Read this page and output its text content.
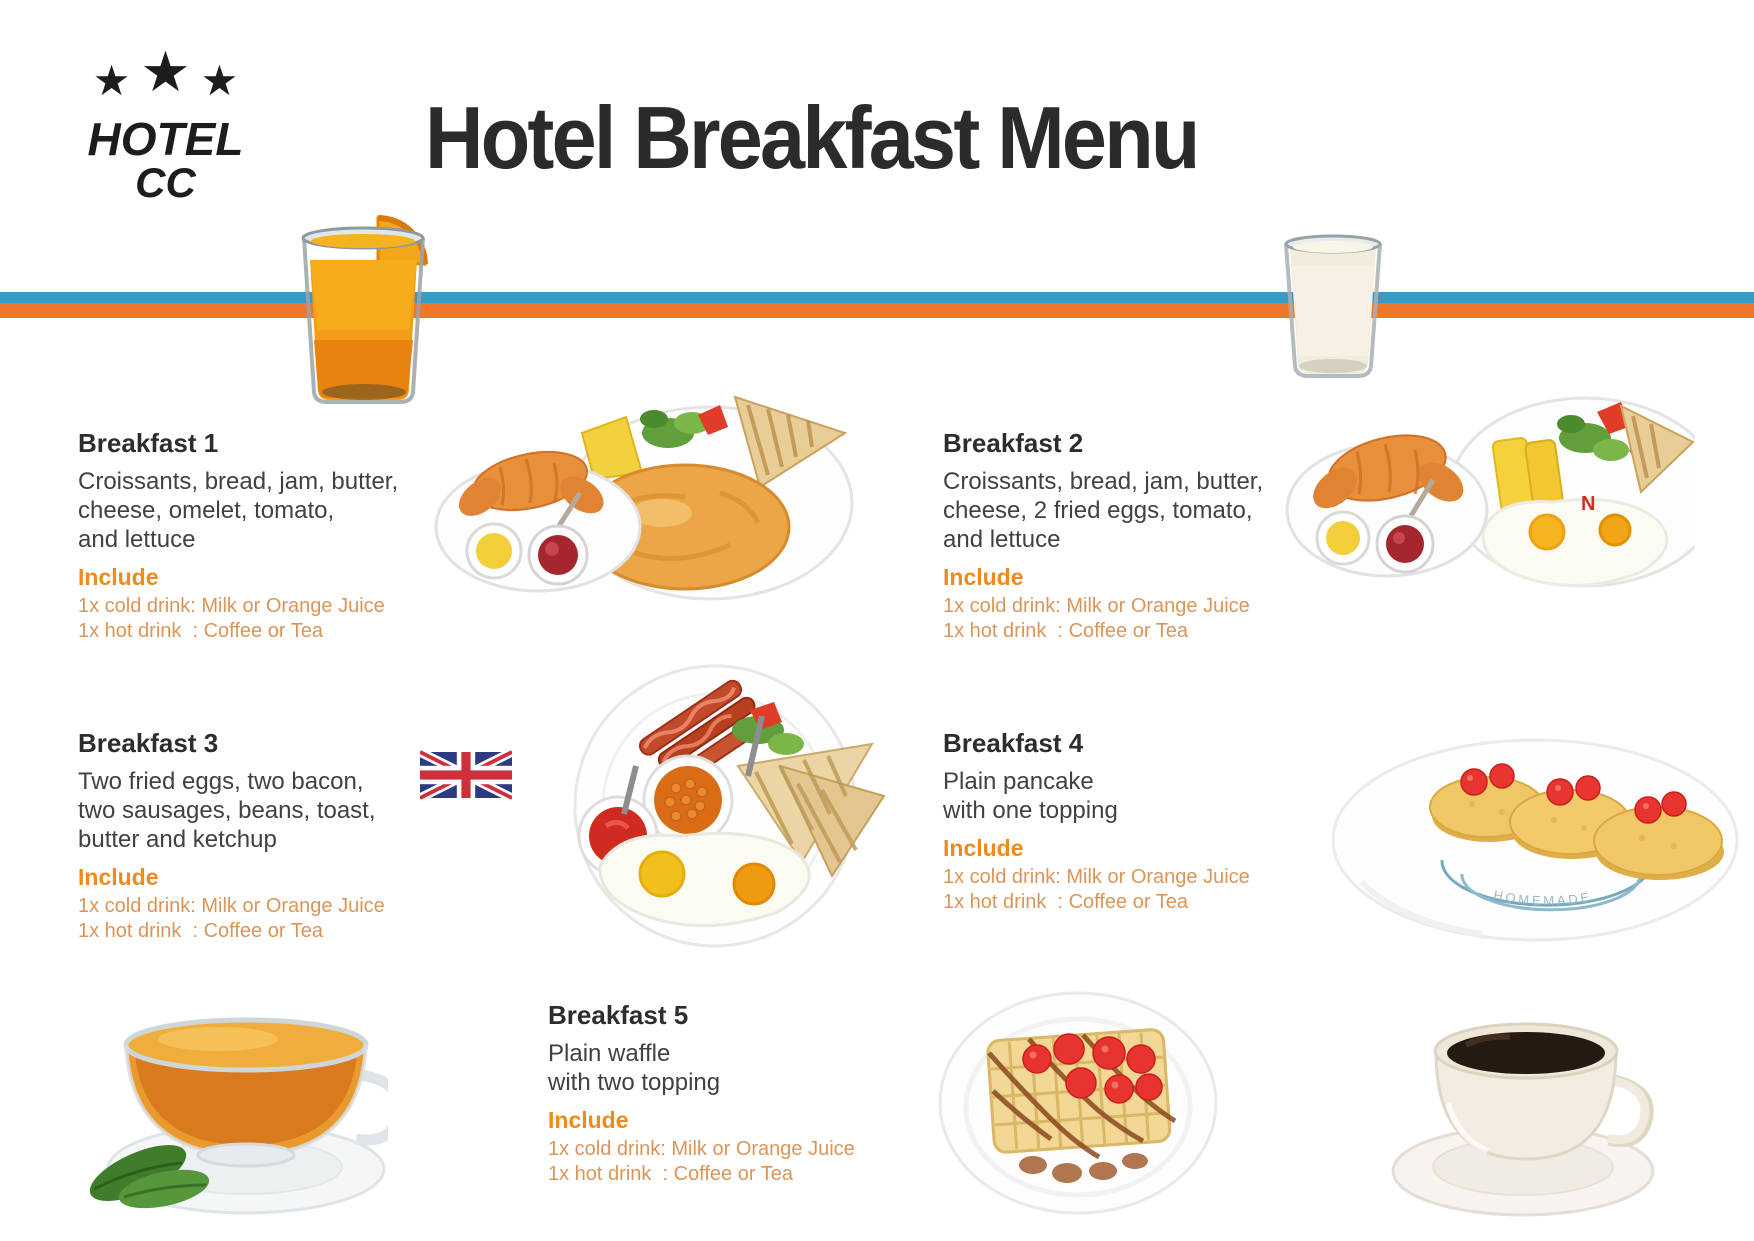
★ ★ ★
HOTEL
CC	Hotel Breakfast Menu
Breakfast 1
Croissants, bread, jam, butter,
cheese, omelet, tomato,
and lettuce
Include
1x cold drink: Milk or Orange Juice
1x hot drink  : Coffee or Tea
Breakfast 2
Croissants, bread, jam, butter,
cheese, 2 fried eggs, tomato,
and lettuce
Include
1x cold drink: Milk or Orange Juice
1x hot drink  : Coffee or Tea
Breakfast 3
Two fried eggs, two bacon,
two sausages, beans, toast,
butter and ketchup
Include
1x cold drink: Milk or Orange Juice
1x hot drink  : Coffee or Tea
Breakfast 4
Plain pancake
with one topping
Include
1x cold drink: Milk or Orange Juice
1x hot drink  : Coffee or Tea
Breakfast 5
Plain waffle
with two topping
Include
1x cold drink: Milk or Orange Juice
1x hot drink  : Coffee or Tea
N
HOMEMADE
